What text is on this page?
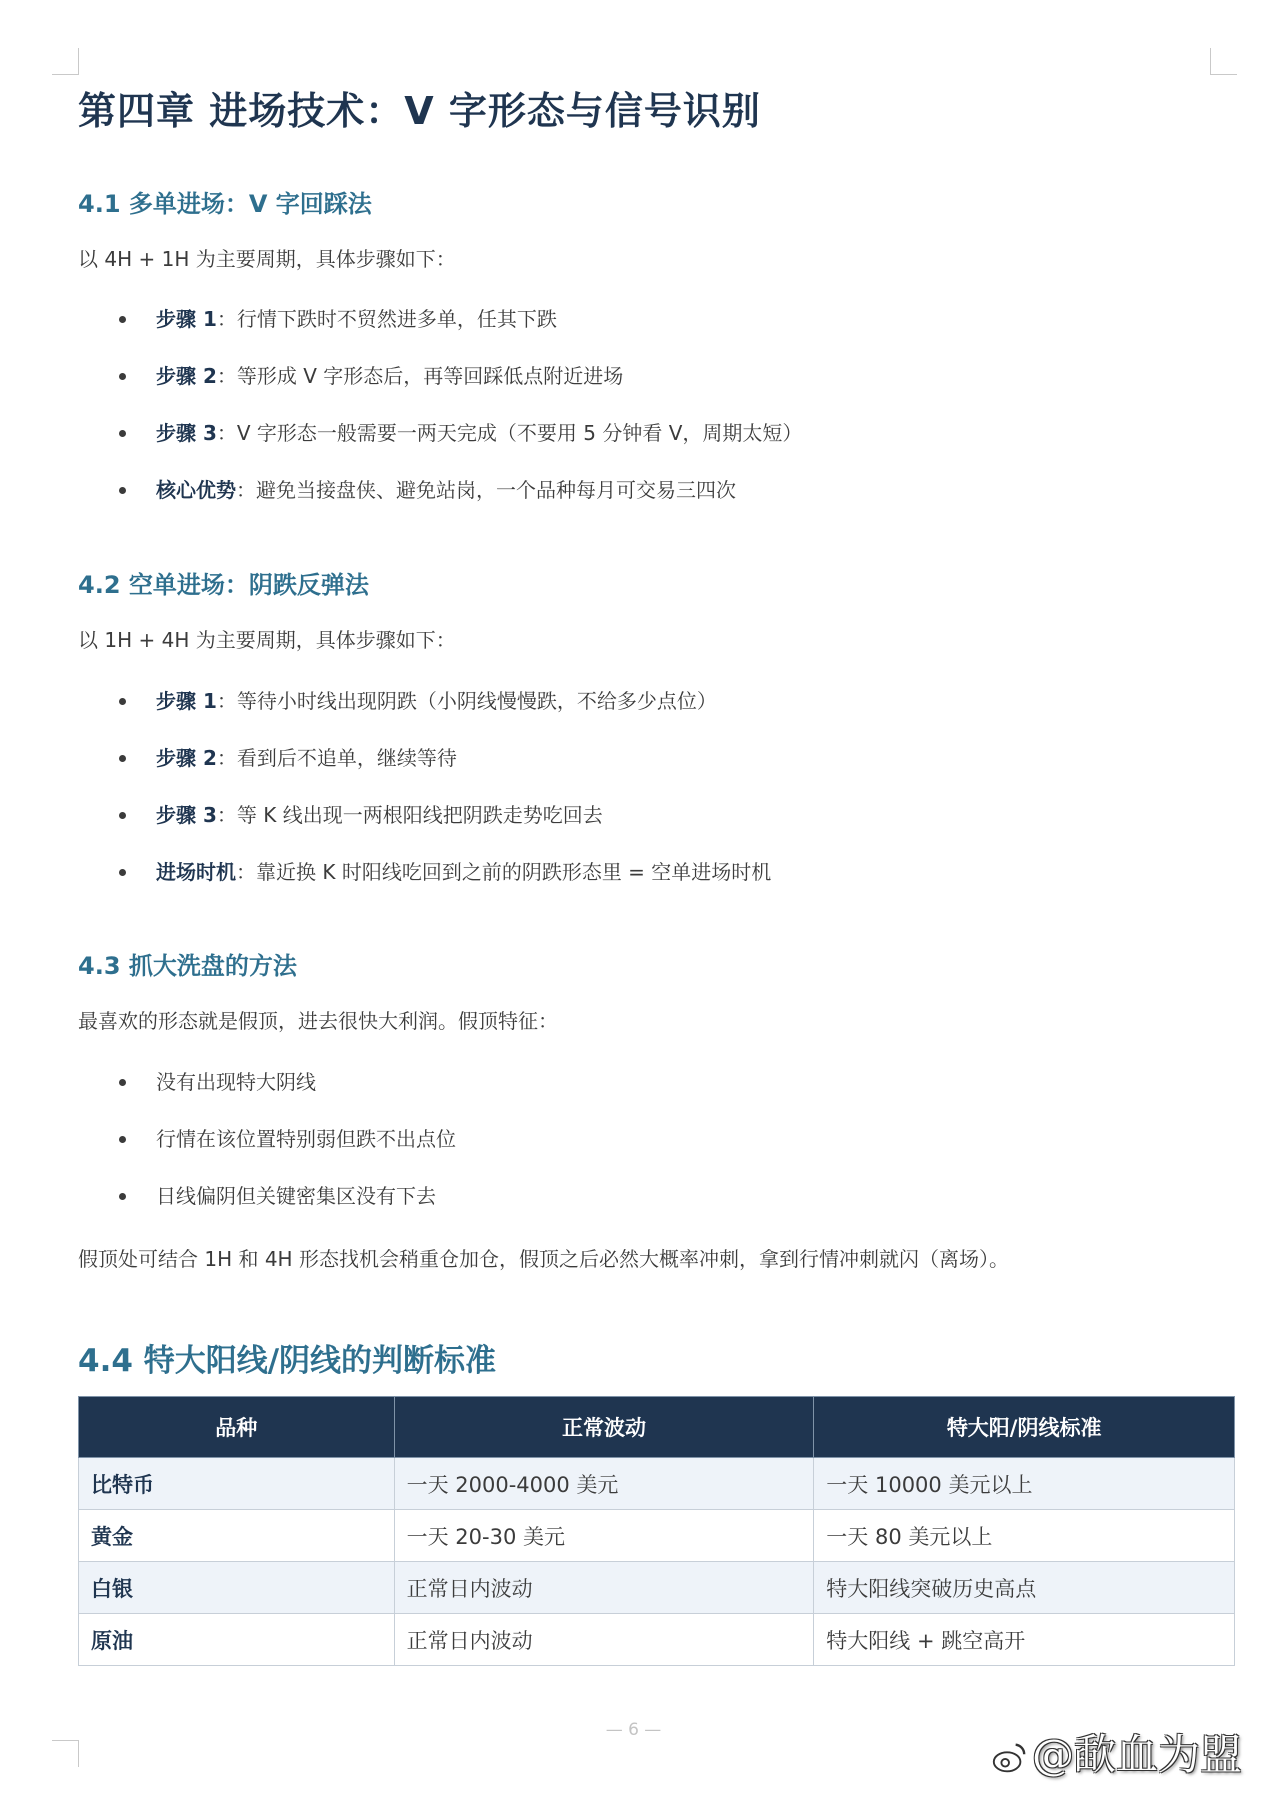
第四章 进场技术：V 字形态与信号识别
4.1 多单进场：V 字回踩法

以 4H + 1H 为主要周期，具体步骤如下：

步骤 1：行情下跌时不贸然进多单，任其下跌
步骤 2：等形成 V 字形态后，再等回踩低点附近进场
步骤 3：V 字形态一般需要一两天完成（不要用 5 分钟看 V，周期太短）
核心优势：避免当接盘侠、避免站岗，一个品种每月可交易三四次
4.2 空单进场：阴跌反弹法

以 1H + 4H 为主要周期，具体步骤如下：

步骤 1：等待小时线出现阴跌（小阴线慢慢跌，不给多少点位）
步骤 2：看到后不追单，继续等待
步骤 3：等 K 线出现一两根阳线把阴跌走势吃回去
进场时机：靠近换 K 时阳线吃回到之前的阴跌形态里 = 空单进场时机
4.3 抓大洗盘的方法

最喜欢的形态就是假顶，进去很快大利润。假顶特征：

没有出现特大阴线
行情在该位置特别弱但跌不出点位
日线偏阴但关键密集区没有下去

假顶处可结合 1H 和 4H 形态找机会稍重仓加仓，假顶之后必然大概率冲刺，拿到行情冲刺就闪（离场）。

4.4 特大阳线/阴线的判断标准
品种	正常波动	特大阳/阴线标准
比特币	一天 2000-4000 美元	一天 10000 美元以上
黄金	一天 20-30 美元	一天 80 美元以上
白银	正常日内波动	特大阳线突破历史高点
原油	正常日内波动	特大阳线 + 跳空高开
— 6 —	@歃血为盟
